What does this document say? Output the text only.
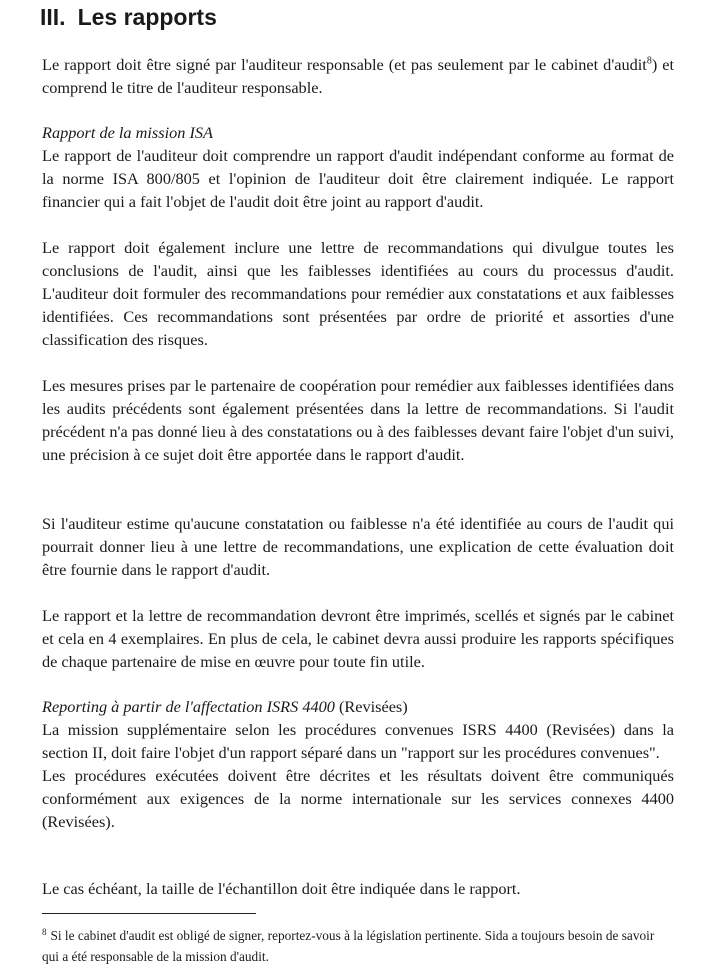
III. Les rapports

Le rapport doit être signé par l'auditeur responsable (et pas seulement par le cabinet d'audit$^8$) et comprend le titre de l'auditeur responsable.

Rapport de la mission ISA
Le rapport de l'auditeur doit comprendre un rapport d'audit indépendant conforme au format de la norme ISA 800/805 et l'opinion de l'auditeur doit être clairement indiquée. Le rapport financier qui a fait l'objet de l'audit doit être joint au rapport d'audit.

Le rapport doit également inclure une lettre de recommandations qui divulgue toutes les conclusions de l'audit, ainsi que les faiblesses identifiées au cours du processus d'audit. L'auditeur doit formuler des recommandations pour remédier aux constatations et aux faiblesses identifiées. Ces recommandations sont présentées par ordre de priorité et assorties d'une classification des risques.

Les mesures prises par le partenaire de coopération pour remédier aux faiblesses identifiées dans les audits précédents sont également présentées dans la lettre de recommandations. Si l'audit précédent n'a pas donné lieu à des constatations ou à des faiblesses devant faire l'objet d'un suivi, une précision à ce sujet doit être apportée dans le rapport d'audit.

Si l'auditeur estime qu'aucune constatation ou faiblesse n'a été identifiée au cours de l'audit qui pourrait donner lieu à une lettre de recommandations, une explication de cette évaluation doit être fournie dans le rapport d'audit.

Le rapport et la lettre de recommandation devront être imprimés, scellés et signés par le cabinet et cela en 4 exemplaires. En plus de cela, le cabinet devra aussi produire les rapports spécifiques de chaque partenaire de mise en œuvre pour toute fin utile.

Reporting à partir de l'affectation ISRS 4400 (Revisées)
La mission supplémentaire selon les procédures convenues ISRS 4400 (Revisées) dans la section II, doit faire l'objet d'un rapport séparé dans un "rapport sur les procédures convenues".
Les procédures exécutées doivent être décrites et les résultats doivent être communiqués conformément aux exigences de la norme internationale sur les services connexes 4400 (Revisées).

Le cas échéant, la taille de l'échantillon doit être indiquée dans le rapport.

$^8$ Si le cabinet d'audit est obligé de signer, reportez-vous à la législation pertinente. Sida a toujours besoin de savoir qui a été responsable de la mission d'audit.
